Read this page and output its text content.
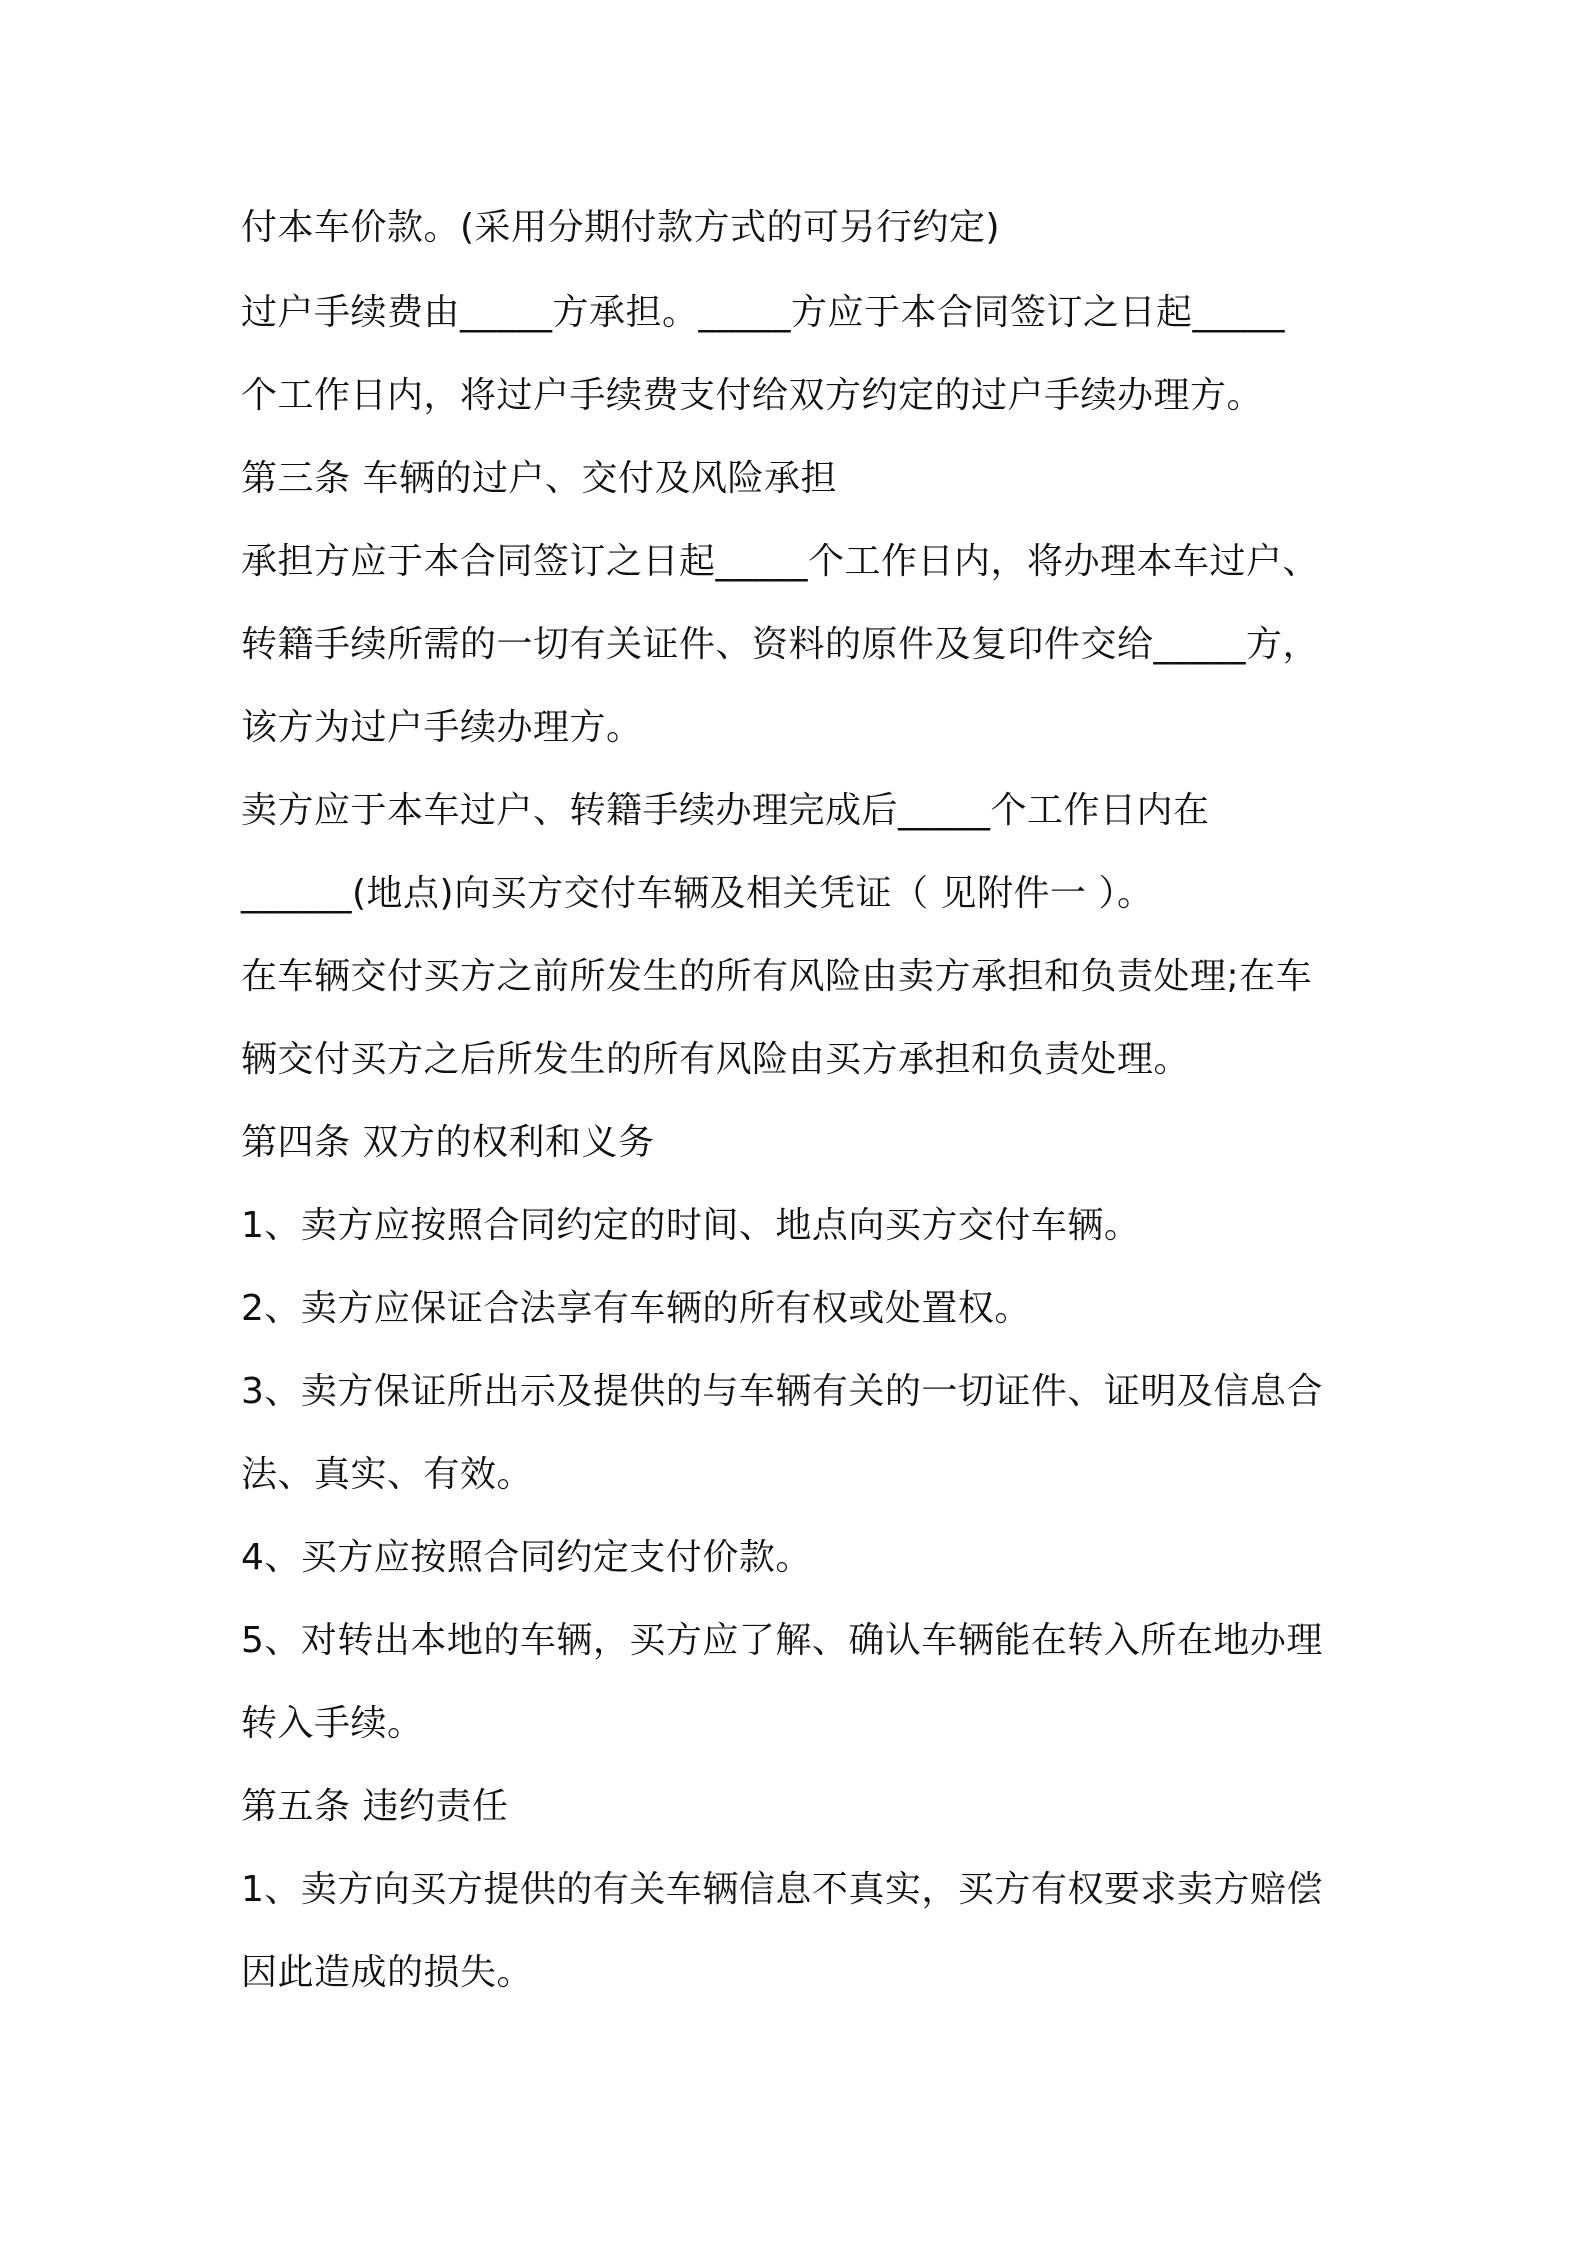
付本车价款。(采用分期付款方式的可另行约定)
过户手续费由_____方承担。_____方应于本合同签订之日起_____
个工作日内，将过户手续费支付给双方约定的过户手续办理方。
第三条 车辆的过户、交付及风险承担
承担方应于本合同签订之日起_____个工作日内，将办理本车过户、
转籍手续所需的一切有关证件、资料的原件及复印件交给_____方，
该方为过户手续办理方。
卖方应于本车过户、转籍手续办理完成后_____个工作日内在
______(地点)向买方交付车辆及相关凭证（ 见附件一 ）。
在车辆交付买方之前所发生的所有风险由卖方承担和负责处理;在车
辆交付买方之后所发生的所有风险由买方承担和负责处理。
第四条 双方的权利和义务
1、卖方应按照合同约定的时间、地点向买方交付车辆。
2、卖方应保证合法享有车辆的所有权或处置权。
3、卖方保证所出示及提供的与车辆有关的一切证件、证明及信息合
法、真实、有效。
4、买方应按照合同约定支付价款。
5、对转出本地的车辆，买方应了解、确认车辆能在转入所在地办理
转入手续。
第五条 违约责任
1、卖方向买方提供的有关车辆信息不真实，买方有权要求卖方赔偿
因此造成的损失。
